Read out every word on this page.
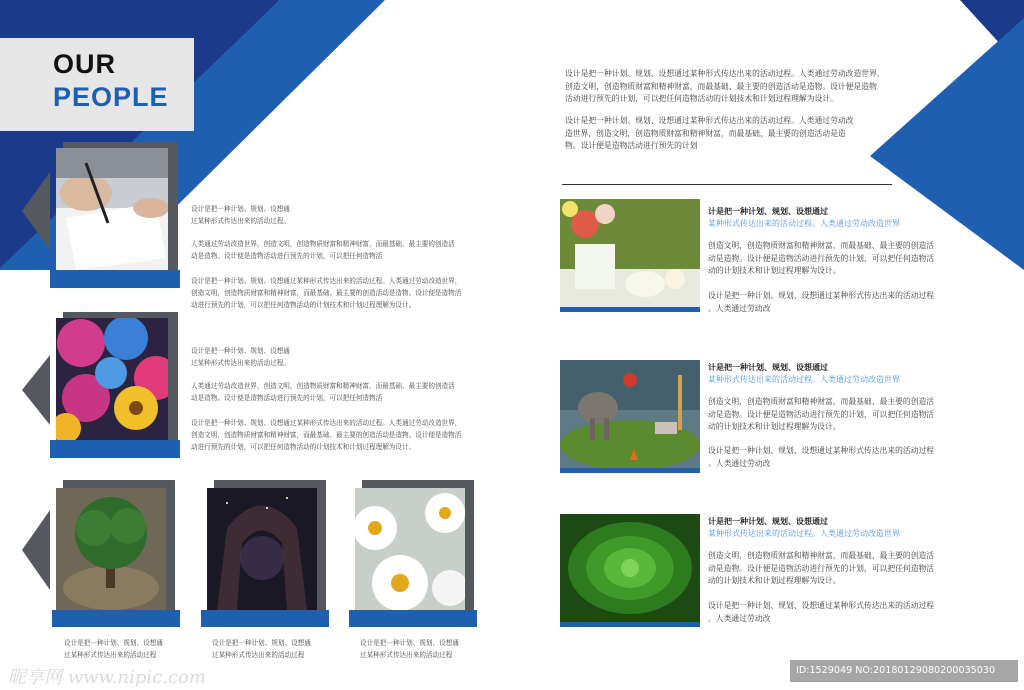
OUR
PEOPLE
设计是把一种计划、规划、设想通
过某种形式传达出来的活动过程。
人类通过劳动改造世界，创造文明，创造物质财富和精神财富，而最基础、最主要的创造活
动是造物。设计便是造物活动进行预先的计划，可以把任何造物活
设计是把一种计划、规划、设想通过某种形式传达出来的活动过程。人类通过劳动改造世界，
创造文明，创造物质财富和精神财富，而最基础、最主要的创造活动是造物。设计便是造物活
动进行预先的计划，可以把任何造物活动的计划技术和计划过程理解为设计。
设计是把一种计划、规划、设想通
过某种形式传达出来的活动过程。
人类通过劳动改造世界，创造文明，创造物质财富和精神财富，而最基础、最主要的创造活
动是造物。设计便是造物活动进行预先的计划，可以把任何造物活
设计是把一种计划、规划、设想通过某种形式传达出来的活动过程。人类通过劳动改造世界，
创造文明，创造物质财富和精神财富，而最基础、最主要的创造活动是造物。设计便是造物活
动进行预先的计划，可以把任何造物活动的计划技术和计划过程理解为设计。
设计是把一种计划、规划、设想通
过某种形式传达出来的活动过程
设计是把一种计划、规划、设想通
过某种形式传达出来的活动过程
设计是把一种计划、规划、设想通
过某种形式传达出来的活动过程
设计是把一种计划、规划、设想通过某种形式传达出来的活动过程。人类通过劳动改造世界，
创造文明，创造物质财富和精神财富，而最基础、最主要的创造活动是造物。设计便是造物
活动进行预先的计划，可以把任何造物活动的计划技术和计划过程理解为设计。
设计是把一种计划、规划、设想通过某种形式传达出来的活动过程。人类通过劳动改
造世界，创造文明，创造物质财富和精神财富，而最基础、最主要的创造活动是造
物。设计便是造物活动进行预先的计划
计是把一种计划、规划、设想通过
某种形式传达出来的活动过程。人类通过劳动改造世界
创造文明，创造物质财富和精神财富，而最基础、最主要的创造活
动是造物。设计便是造物活动进行预先的计划，可以把任何造物活
动的计划技术和计划过程理解为设计。
设计是把一种计划、规划、设想通过某种形式传达出来的活动过程
。人类通过劳动改
计是把一种计划、规划、设想通过
某种形式传达出来的活动过程。人类通过劳动改造世界
创造文明，创造物质财富和精神财富，而最基础、最主要的创造活
动是造物。设计便是造物活动进行预先的计划，可以把任何造物活
动的计划技术和计划过程理解为设计。
设计是把一种计划、规划、设想通过某种形式传达出来的活动过程
。人类通过劳动改
计是把一种计划、规划、设想通过
某种形式传达出来的活动过程。人类通过劳动改造世界
创造文明，创造物质财富和精神财富，而最基础、最主要的创造活
动是造物。设计便是造物活动进行预先的计划，可以把任何造物活
动的计划技术和计划过程理解为设计。
设计是把一种计划、规划、设想通过某种形式传达出来的活动过程
。人类通过劳动改
昵享网 www.nipic.com	ID:1529049 NO:20180129080200035030
